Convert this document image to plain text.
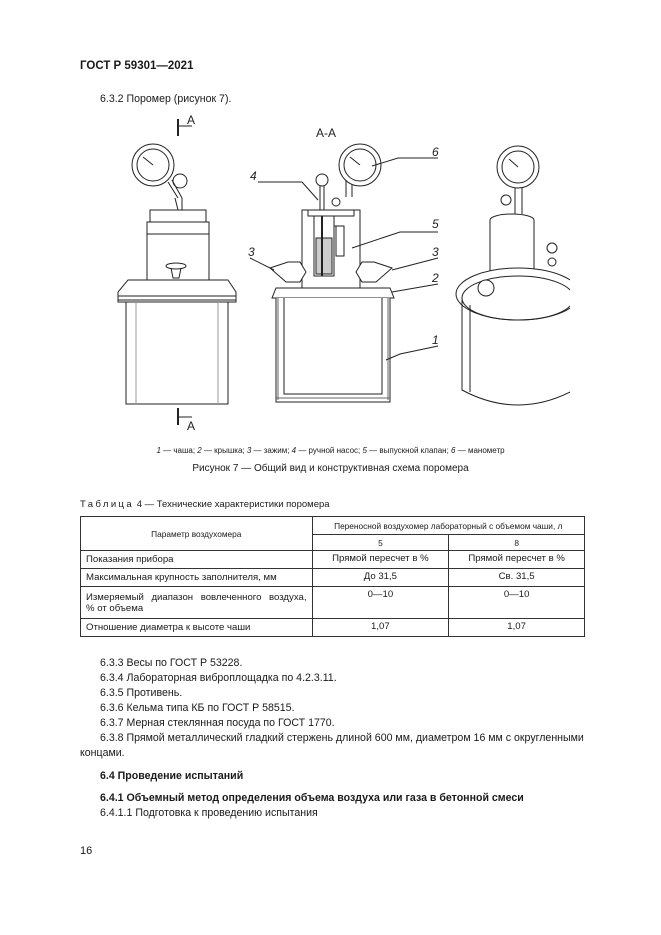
ГОСТ Р 59301—2021
6.3.2 Поромер (рисунок 7).
А
А
А-А
1
2
3	3
4
5
6
1 — чаша; 2 — крышка; 3 — зажим; 4 — ручной насос; 5 — выпускной клапан; 6 — манометр
Рисунок 7 — Общий вид и конструктивная схема поромера
Таблица 4 — Технические характеристики поромера
Параметр воздухомера	Переносной воздухомер лабораторный с объемом чаши, л	
	5	8
Показания прибора	Прямой пересчет в %	Прямой пересчет в %
Максимальная крупность заполнителя, мм	До 31,5	Св. 31,5

Измеряемый диапазон вовлеченного воздуха,
% от объема	0—10	0—10
Отношение диаметра к высоте чаши	1,07	1,07
6.3.3 Весы по ГОСТ Р 53228.
6.3.4 Лабораторная виброплощадка по 4.2.3.11.
6.3.5 Противень.
6.3.6 Кельма типа КБ по ГОСТ Р 58515.
6.3.7 Мерная стеклянная посуда по ГОСТ 1770.
6.3.8 Прямой металлический гладкий стержень длиной 600 мм, диаметром 16 мм с округленными
концами.
6.4 Проведение испытаний
6.4.1 Объемный метод определения объема воздуха или газа в бетонной смеси
6.4.1.1 Подготовка к проведению испытания
16
